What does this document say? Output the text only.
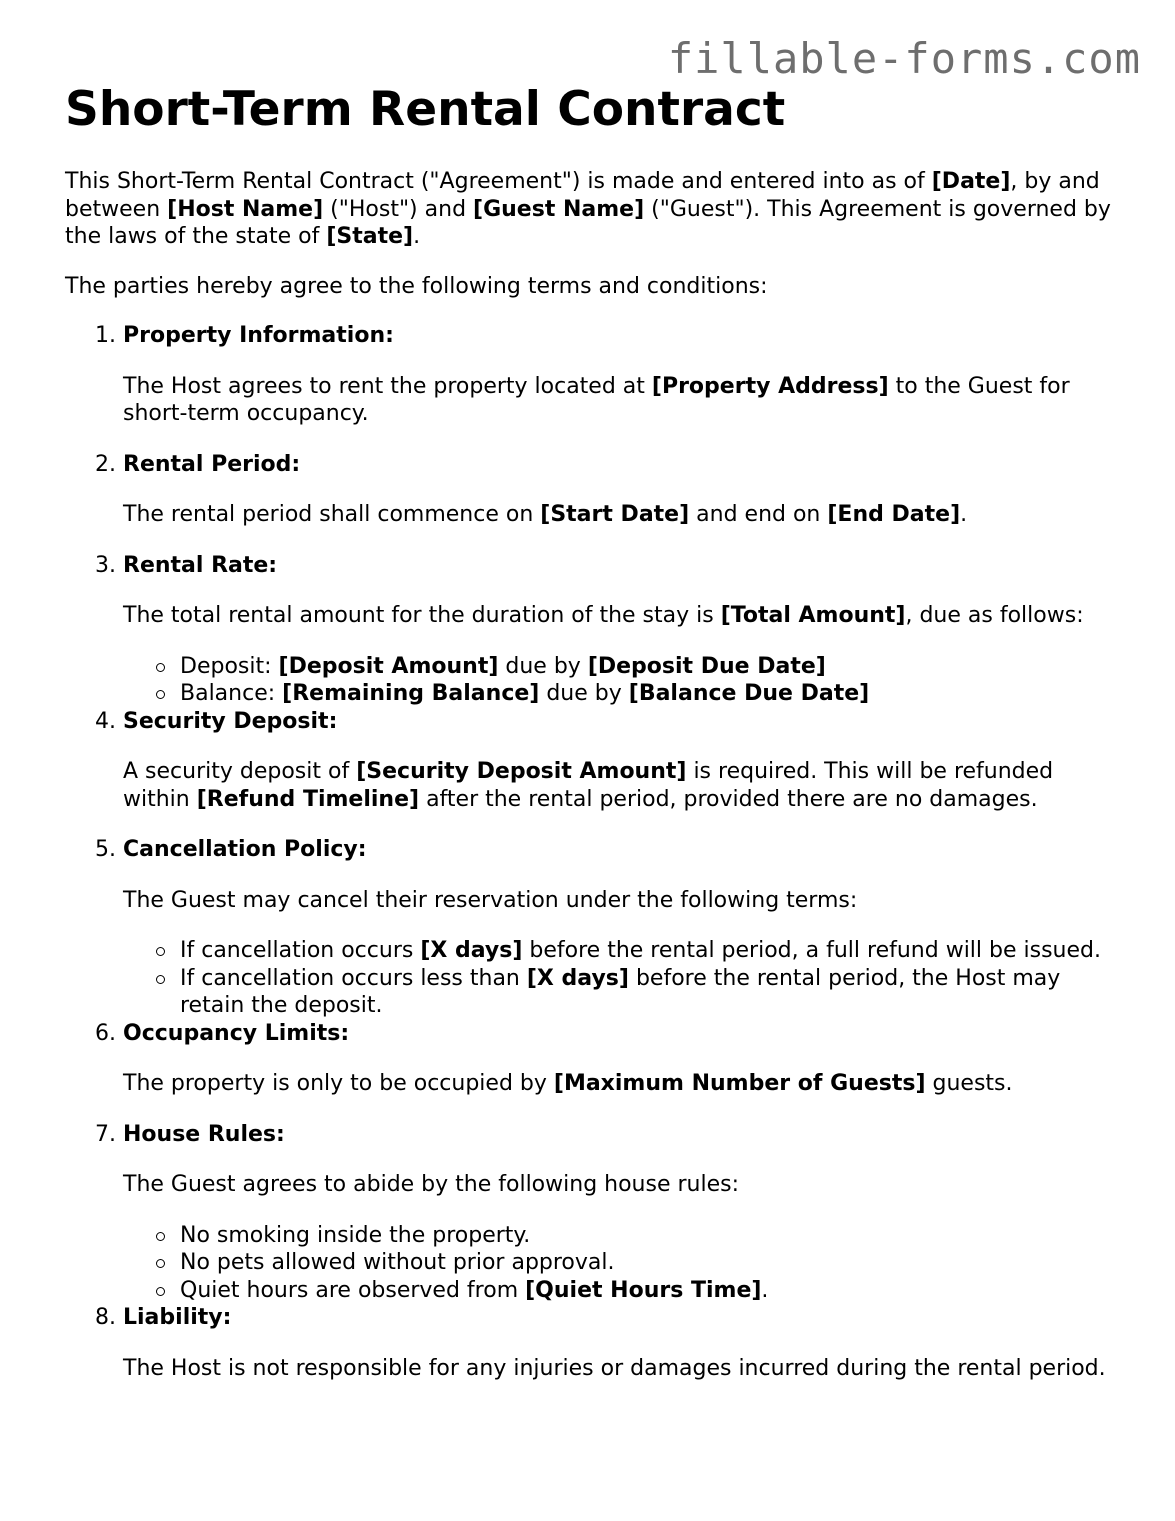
fillable-forms.com
Short-Term Rental Contract

This Short-Term Rental Contract ("Agreement") is made and entered into as of [Date], by and between [Host Name] ("Host") and [Guest Name] ("Guest"). This Agreement is governed by the laws of the state of [State].

The parties hereby agree to the following terms and conditions:

1. Property Information:

The Host agrees to rent the property located at [Property Address] to the Guest for short-term occupancy.

2. Rental Period:

The rental period shall commence on [Start Date] and end on [End Date].

3. Rental Rate:

The total rental amount for the duration of the stay is [Total Amount], due as follows:

Deposit: [Deposit Amount] due by [Deposit Due Date]
Balance: [Remaining Balance] due by [Balance Due Date]
4. Security Deposit:

A security deposit of [Security Deposit Amount] is required. This will be refunded within [Refund Timeline] after the rental period, provided there are no damages.

5. Cancellation Policy:

The Guest may cancel their reservation under the following terms:

If cancellation occurs [X days] before the rental period, a full refund will be issued.
If cancellation occurs less than [X days] before the rental period, the Host may retain the deposit.
6. Occupancy Limits:

The property is only to be occupied by [Maximum Number of Guests] guests.

7. House Rules:

The Guest agrees to abide by the following house rules:

No smoking inside the property.
No pets allowed without prior approval.
Quiet hours are observed from [Quiet Hours Time].
8. Liability:

The Host is not responsible for any injuries or damages incurred during the rental period.
